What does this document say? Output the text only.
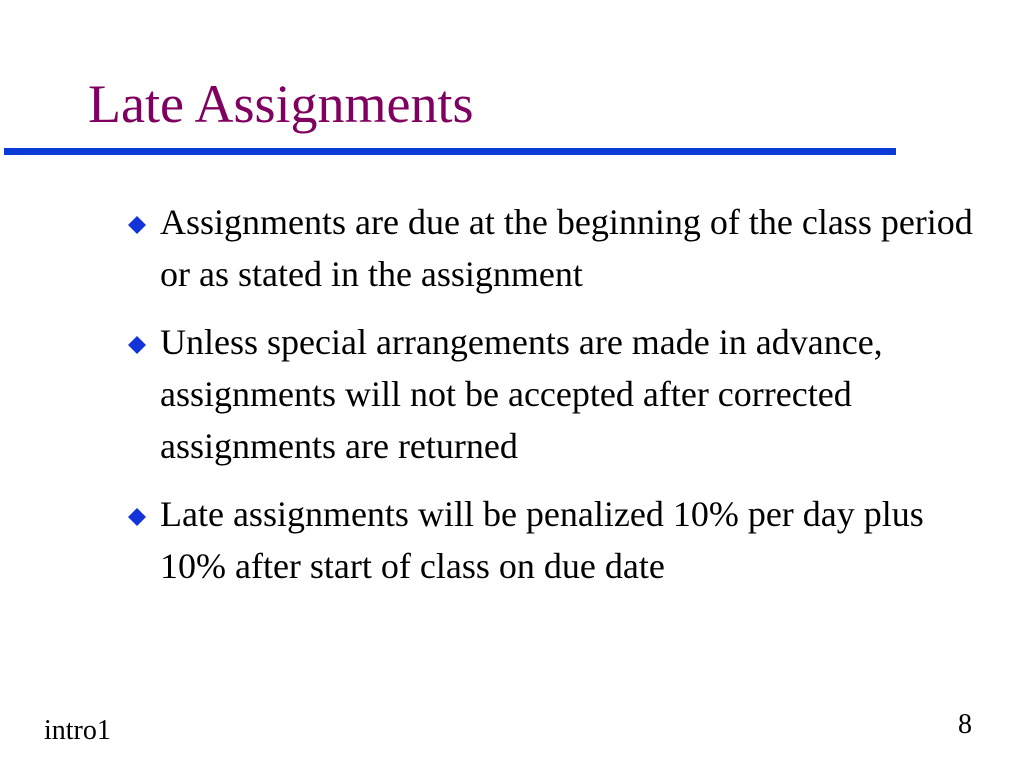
Late Assignments
Assignments are due at the beginning of the class period or as stated in the assignment
Unless special arrangements are made in advance, assignments will not be accepted after corrected assignments are returned
Late assignments will be penalized 10% per day plus 10% after start of class on due date
intro1	8
